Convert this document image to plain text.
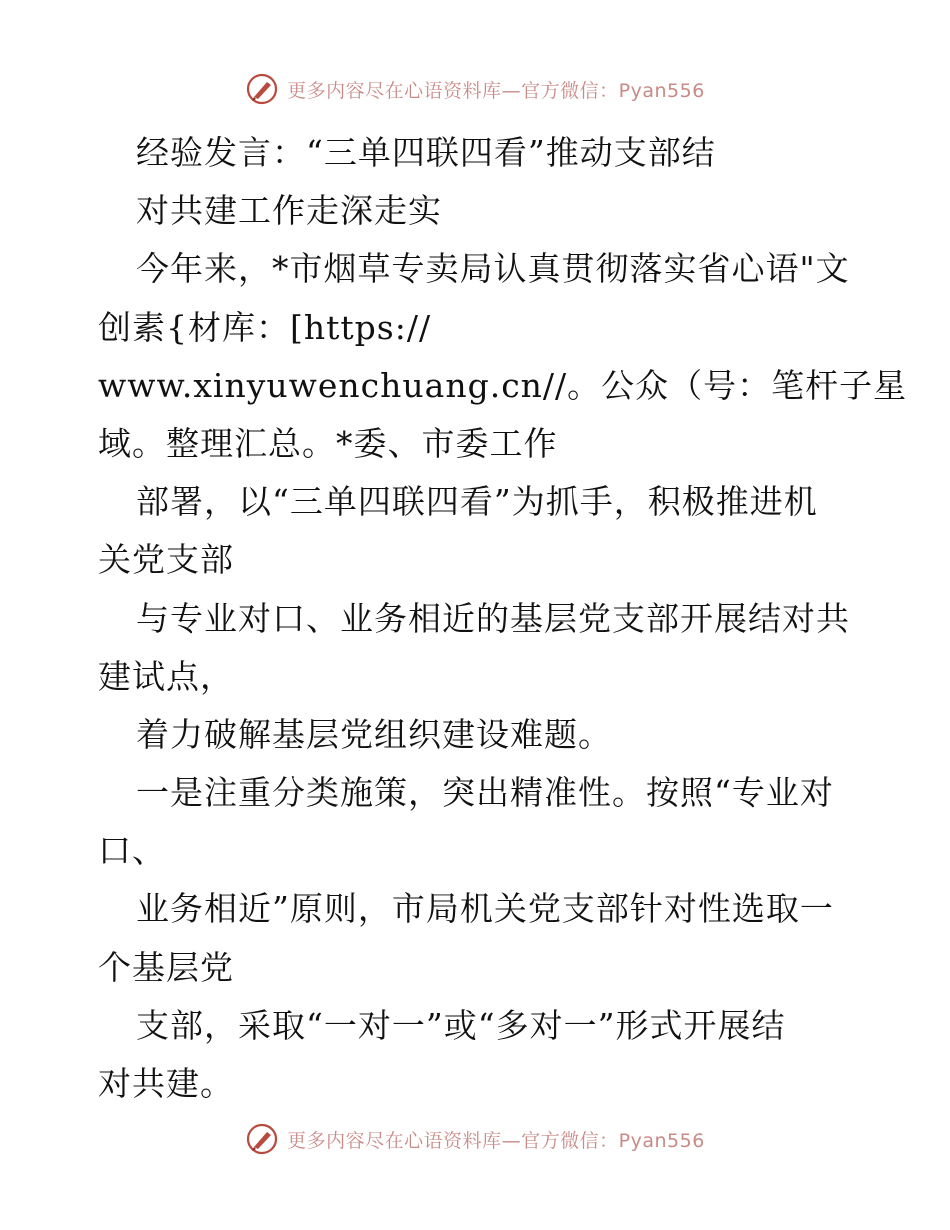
更多内容尽在心语资料库—官方微信：Pyan556
经验发言：“三单四联四看”推动支部结
对共建工作走深走实
今年来，*市烟草专卖局认真贯彻落实省心语"文
创素{材库：[https://
www.xinyuwenchuang.cn//。公众（号：笔杆子星
域。整理汇总。*委、市委工作
部署，以“三单四联四看”为抓手，积极推进机
关党支部
与专业对口、业务相近的基层党支部开展结对共
建试点，
着力破解基层党组织建设难题。
一是注重分类施策，突出精准性。按照“专业对
口、
业务相近”原则，市局机关党支部针对性选取一
个基层党
支部，采取“一对一”或“多对一”形式开展结
对共建。
更多内容尽在心语资料库—官方微信：Pyan556
